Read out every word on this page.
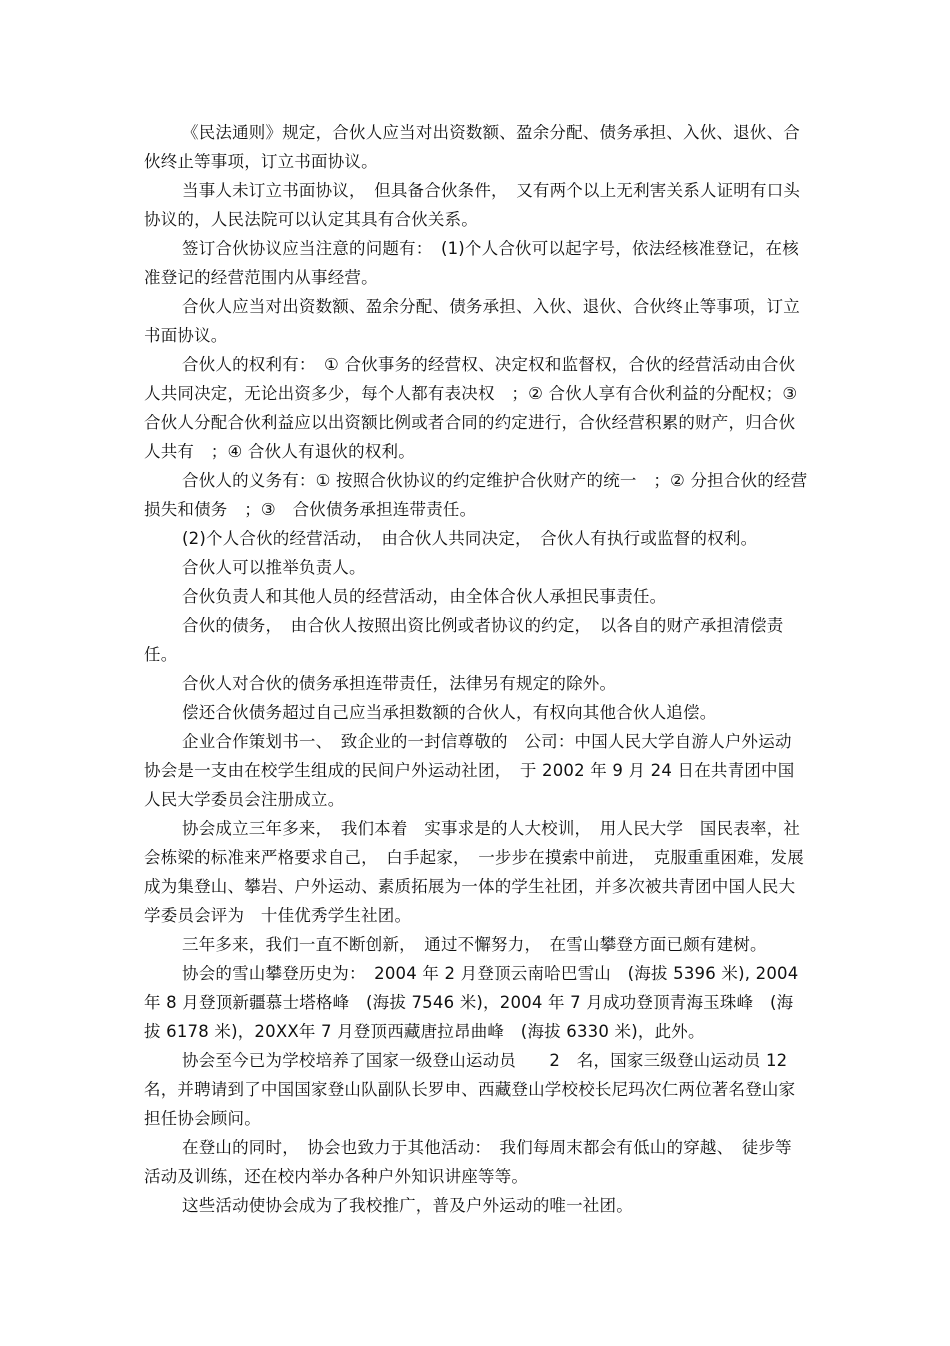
《民法通则》规定，合伙人应当对出资数额、盈余分配、债务承担、入伙、退伙、合伙终止等事项，订立书面协议。

当事人未订立书面协议，　但具备合伙条件，　又有两个以上无利害关系人证明有口头协议的，人民法院可以认定其具有合伙关系。

签订合伙协议应当注意的问题有：　(1)个人合伙可以起字号，依法经核准登记，在核准登记的经营范围内从事经营。

合伙人应当对出资数额、盈余分配、债务承担、入伙、退伙、合伙终止等事项，订立书面协议。

合伙人的权利有：　① 合伙事务的经营权、决定权和监督权，合伙的经营活动由合伙人共同决定，无论出资多少，每个人都有表决权　；② 合伙人享有合伙利益的分配权；③ 合伙人分配合伙利益应以出资额比例或者合同的约定进行，合伙经营积累的财产，归合伙人共有　；④ 合伙人有退伙的权利。

合伙人的义务有：① 按照合伙协议的约定维护合伙财产的统一　；② 分担合伙的经营损失和债务　；③　合伙债务承担连带责任。

(2)个人合伙的经营活动，　由合伙人共同决定，　合伙人有执行或监督的权利。

合伙人可以推举负责人。

合伙负责人和其他人员的经营活动，由全体合伙人承担民事责任。

合伙的债务，　由合伙人按照出资比例或者协议的约定，　以各自的财产承担清偿责任。

合伙人对合伙的债务承担连带责任，法律另有规定的除外。

偿还合伙债务超过自己应当承担数额的合伙人，有权向其他合伙人追偿。

企业合作策划书一、　致企业的一封信尊敬的　公司：中国人民大学自游人户外运动协会是一支由在校学生组成的民间户外运动社团，　于 2002 年 9 月 24 日在共青团中国人民大学委员会注册成立。

协会成立三年多来，　我们本着　实事求是的人大校训，　用人民大学　国民表率，社会栋梁的标准来严格要求自己，　白手起家，　一步步在摸索中前进，　克服重重困难，发展成为集登山、攀岩、户外运动、素质拓展为一体的学生社团，并多次被共青团中国人民大学委员会评为　十佳优秀学生社团。

三年多来，我们一直不断创新，　通过不懈努力，　在雪山攀登方面已颇有建树。

协会的雪山攀登历史为：　2004 年 2 月登顶云南哈巴雪山　(海拔 5396 米), 2004 年 8 月登顶新疆慕士塔格峰　(海拔 7546 米)，2004 年 7 月成功登顶青海玉珠峰　(海拔 6178 米)，20XX年 7 月登顶西藏唐拉昂曲峰　(海拔 6330 米)，此外。

协会至今已为学校培养了国家一级登山运动员　　2　名，国家三级登山运动员 12　名，并聘请到了中国国家登山队副队长罗申、西藏登山学校校长尼玛次仁两位著名登山家担任协会顾问。

在登山的同时，　协会也致力于其他活动：　我们每周末都会有低山的穿越、　徒步等活动及训练，还在校内举办各种户外知识讲座等等。

这些活动使协会成为了我校推广，普及户外运动的唯一社团。
